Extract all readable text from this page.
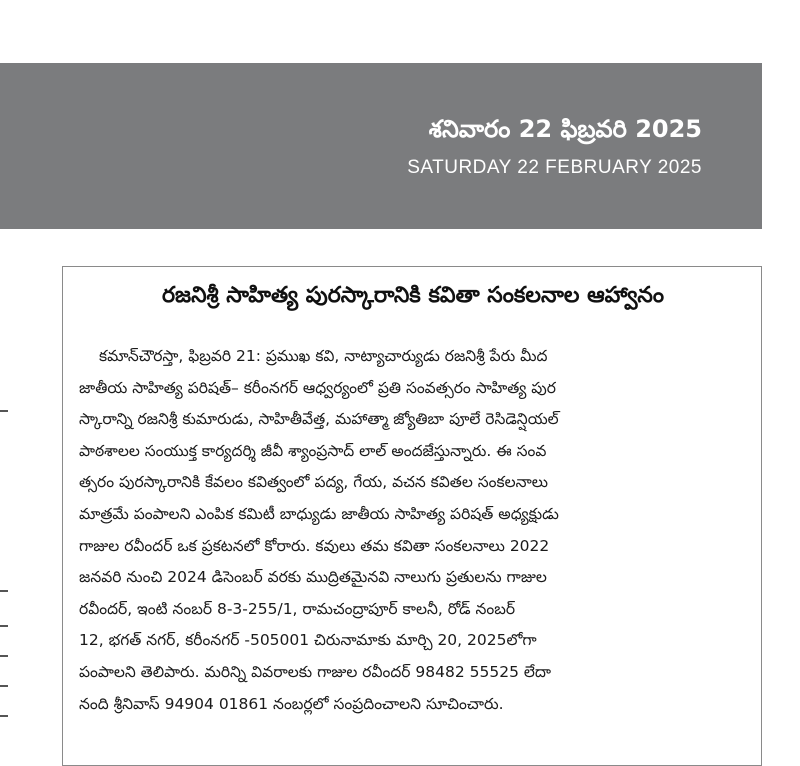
శనివారం 22 ఫిబ్రవరి 2025
SATURDAY 22 FEBRUARY 2025
రజనిశ్రీ సాహిత్య పురస్కారానికి కవితా సంకలనాల ఆహ్వానం
కమాన్‌చౌరస్తా, ఫిబ్రవరి 21: ప్రముఖ కవి, నాట్యాచార్యుడు రజనిశ్రీ పేరు మీద
జాతీయ సాహిత్య పరిషత్– కరీంనగర్ ఆధ్వర్యంలో ప్రతి సంవత్సరం సాహిత్య పుర
స్కారాన్ని రజనిశ్రీ కుమారుడు, సాహితీవేత్త, మహాత్మా జ్యోతిబా పూలే రెసిడెన్షియల్
పాఠశాలల సంయుక్త కార్యదర్శి జీవీ శ్యాంప్రసాద్ లాల్ అందజేస్తున్నారు. ఈ సంవ
త్సరం పురస్కారానికి కేవలం కవిత్వంలో పద్య, గేయ, వచన కవితల సంకలనాలు
మాత్రమే పంపాలని ఎంపిక కమిటీ బాధ్యుడు జాతీయ సాహిత్య పరిషత్ అధ్యక్షుడు
గాజుల రవీందర్ ఒక ప్రకటనలో కోరారు. కవులు తమ కవితా సంకలనాలు 2022
జనవరి నుంచి 2024 డిసెంబర్ వరకు ముద్రితమైనవి నాలుగు ప్రతులను గాజుల
రవీందర్, ఇంటి నంబర్ 8-3-255/1, రామచంద్రాపూర్ కాలనీ, రోడ్ నంబర్
12, భగత్ నగర్, కరీంనగర్ -505001 చిరునామాకు మార్చి 20, 2025లోగా
పంపాలని తెలిపారు. మరిన్ని వివరాలకు గాజుల రవీందర్ 98482 55525 లేదా
నంది శ్రీనివాస్ 94904 01861 నంబర్లలో సంప్రదించాలని సూచించారు.
